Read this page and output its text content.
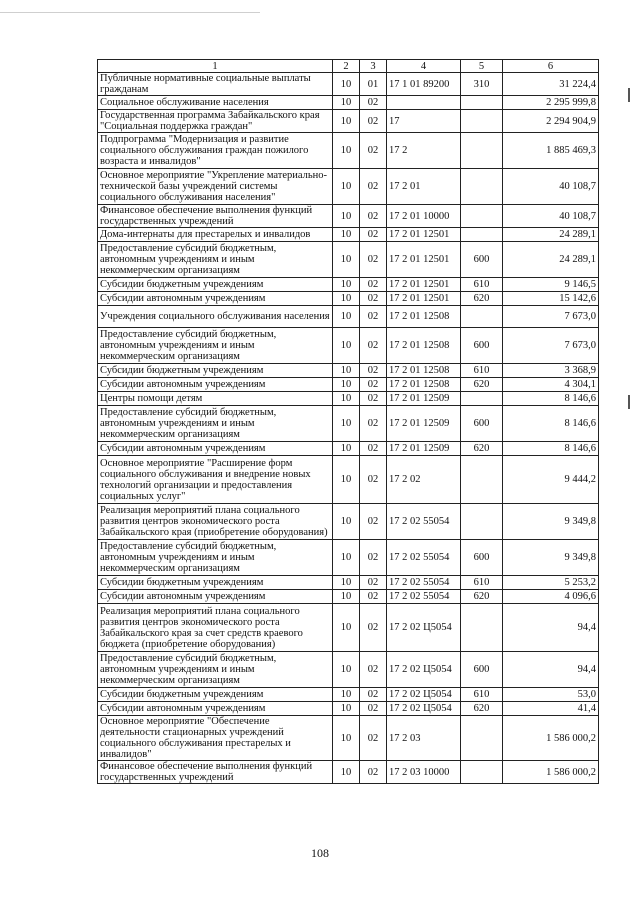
1	2	3	4	5	6
Публичные нормативные социальные выплаты гражданам	10	01	17 1 01 89200	310	31 224,4
Социальное обслуживание населения	10	02			2 295 999,8
Государственная программа Забайкальского края "Социальная поддержка граждан"	10	02	17		2 294 904,9
Подпрограмма "Модернизация и развитие социального обслуживания граждан пожилого возраста и инвалидов"	10	02	17 2		1 885 469,3
Основное мероприятие "Укрепление материально-технической базы учреждений системы социального обслуживания населения"	10	02	17 2 01		40 108,7
Финансовое обеспечение выполнения функций государственных учреждений	10	02	17 2 01 10000		40 108,7
Дома-интернаты для престарелых и инвалидов	10	02	17 2 01 12501		24 289,1
Предоставление субсидий бюджетным, автономным учреждениям и иным некоммерческим организациям	10	02	17 2 01 12501	600	24 289,1
Субсидии бюджетным учреждениям	10	02	17 2 01 12501	610	9 146,5
Субсидии автономным учреждениям	10	02	17 2 01 12501	620	15 142,6
Учреждения социального обслуживания населения	10	02	17 2 01 12508		7 673,0
Предоставление субсидий бюджетным, автономным учреждениям и иным некоммерческим организациям	10	02	17 2 01 12508	600	7 673,0
Субсидии бюджетным учреждениям	10	02	17 2 01 12508	610	3 368,9
Субсидии автономным учреждениям	10	02	17 2 01 12508	620	4 304,1
Центры помощи детям	10	02	17 2 01 12509		8 146,6
Предоставление субсидий бюджетным, автономным учреждениям и иным некоммерческим организациям	10	02	17 2 01 12509	600	8 146,6
Субсидии автономным учреждениям	10	02	17 2 01 12509	620	8 146,6
Основное мероприятие "Расширение форм социального обслуживания и внедрение новых технологий организации и предоставления социальных услуг"	10	02	17 2 02		9 444,2
Реализация мероприятий плана социального развития центров экономического роста Забайкальского края (приобретение оборудования)	10	02	17 2 02 55054		9 349,8
Предоставление субсидий бюджетным, автономным учреждениям и иным некоммерческим организациям	10	02	17 2 02 55054	600	9 349,8
Субсидии бюджетным учреждениям	10	02	17 2 02 55054	610	5 253,2
Субсидии автономным учреждениям	10	02	17 2 02 55054	620	4 096,6
Реализация мероприятий плана социального развития центров экономического роста Забайкальского края за счет средств краевого бюджета (приобретение оборудования)	10	02	17 2 02 Ц5054		94,4
Предоставление субсидий бюджетным, автономным учреждениям и иным некоммерческим организациям	10	02	17 2 02 Ц5054	600	94,4
Субсидии бюджетным учреждениям	10	02	17 2 02 Ц5054	610	53,0
Субсидии автономным учреждениям	10	02	17 2 02 Ц5054	620	41,4
Основное мероприятие "Обеспечение деятельности стационарных учреждений социального обслуживания престарелых и инвалидов"	10	02	17 2 03		1 586 000,2
Финансовое обеспечение выполнения функций государственных учреждений	10	02	17 2 03 10000		1 586 000,2
108
